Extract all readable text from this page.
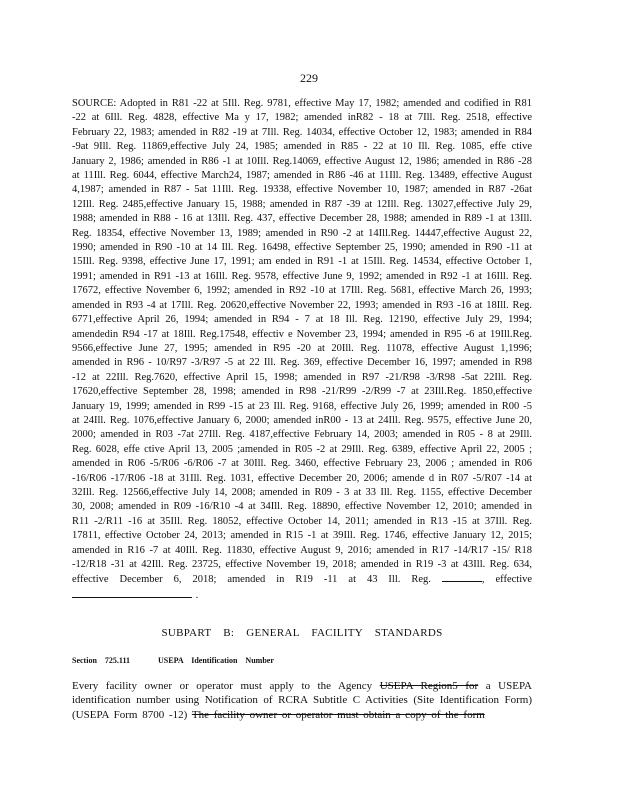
229
SOURCE: Adopted in R81 -22 at 5Ill. Reg. 9781, effective May 17, 1982; amended and codified in R81 -22 at 6Ill. Reg. 4828, effective Ma y 17, 1982; amended inR82 - 18 at 7Ill. Reg. 2518, effective February 22, 1983; amended in R82 -19 at 7Ill. Reg. 14034, effective October 12, 1983; amended in R84 -9at 9Ill. Reg. 11869,effective July 24, 1985; amended in R85 - 22 at 10 Ill. Reg. 1085, effe ctive January 2, 1986; amended in R86 -1 at 10Ill. Reg.14069, effective August 12, 1986; amended in R86 -28 at 11Ill. Reg. 6044, effective March24, 1987; amended in R86 -46 at 11Ill. Reg. 13489, effective August 4,1987; amended in R87 - 5at 11Ill. Reg. 19338, effective November 10, 1987; amended in R87 -26at 12Ill. Reg. 2485,effective January 15, 1988; amended in R87 -39 at 12Ill. Reg. 13027,effective July 29, 1988; amended in R88 - 16 at 13Ill. Reg. 437, effective December 28, 1988; amended in R89 -1 at 13Ill. Reg. 18354, effective November 13, 1989; amended in R90 -2 at 14Ill.Reg. 14447,effective August 22, 1990; amended in R90 -10 at 14 Ill. Reg. 16498, effective September 25, 1990; amended in R90 -11 at 15Ill. Reg. 9398, effective June 17, 1991; am ended in R91 -1 at 15Ill. Reg. 14534, effective October 1, 1991; amended in R91 -13 at 16Ill. Reg. 9578, effective June 9, 1992; amended in R92 -1 at 16Ill. Reg. 17672, effective November 6, 1992; amended in R92 -10 at 17Ill. Reg. 5681, effective March 26, 1993; amended in R93 -4 at 17Ill. Reg. 20620,effective November 22, 1993; amended in R93 -16 at 18Ill. Reg. 6771,effective April 26, 1994; amended in R94 - 7 at 18 Ill. Reg. 12190, effective July 29, 1994; amendedin R94 -17 at 18Ill. Reg.17548, effectiv e November 23, 1994; amended in R95 -6 at 19Ill.Reg. 9566,effective June 27, 1995; amended in R95 -20 at 20Ill. Reg. 11078, effective August 1,1996; amended in R96 - 10/R97 -3/R97 -5 at 22 Ill. Reg. 369, effective December 16, 1997; amended in R98 -12 at 22Ill. Reg.7620, effective April 15, 1998; amended in R97 -21/R98 -3/R98 -5at 22Ill. Reg. 17620,effective September 28, 1998; amended in R98 -21/R99 -2/R99 -7 at 23Ill.Reg. 1850,effective January 19, 1999; amended in R99 -15 at 23 Ill. Reg. 9168, effective July 26, 1999; amended in R00 -5 at 24Ill. Reg. 1076,effective January 6, 2000; amended inR00 - 13 at 24Ill. Reg. 9575, effective June 20, 2000; amended in R03 -7at 27Ill. Reg. 4187,effective February 14, 2003; amended in R05 - 8 at 29Ill. Reg. 6028, effe ctive April 13, 2005 ;amended in R05 -2 at 29Ill. Reg. 6389, effective April 22, 2005 ; amended in R06 -5/R06 -6/R06 -7 at 30Ill. Reg. 3460, effective February 23, 2006 ; amended in R06 -16/R06 -17/R06 -18 at 31Ill. Reg. 1031, effective December 20, 2006; amende d in R07 -5/R07 -14 at 32Ill. Reg. 12566,effective July 14, 2008; amended in R09 - 3 at 33 Ill. Reg. 1155, effective December 30, 2008; amended in R09 -16/R10 -4 at 34Ill. Reg. 18890, effective November 12, 2010; amended in R11 -2/R11 -16 at 35Ill. Reg. 18052, effective October 14, 2011; amended in R13 -15 at 37Ill. Reg. 17811, effective October 24, 2013; amended in R15 -1 at 39Ill. Reg. 1746, effective January 12, 2015; amended in R16 -7 at 40Ill. Reg. 11830, effective August 9, 2016; amended in R17 -14/R17 -15/ R18 -12/R18 -31 at 42Ill. Reg. 23725, effective November 19, 2018; amended in R19 -3 at 43Ill. Reg. 634, effective December 6, 2018; amended in R19 -11 at 43 Ill. Reg.	, effective  .
SUBPART B: GENERAL FACILITY STANDARDS
Section 725.111	USEPA Identification Number
Every facility owner or operator must apply to the Agency USEPA Region5 for a USEPA identification number using Notification of RCRA Subtitle C Activities (Site Identification Form) (USEPA Form 8700 -12) The facility owner or operator must obtain a copy of the form
